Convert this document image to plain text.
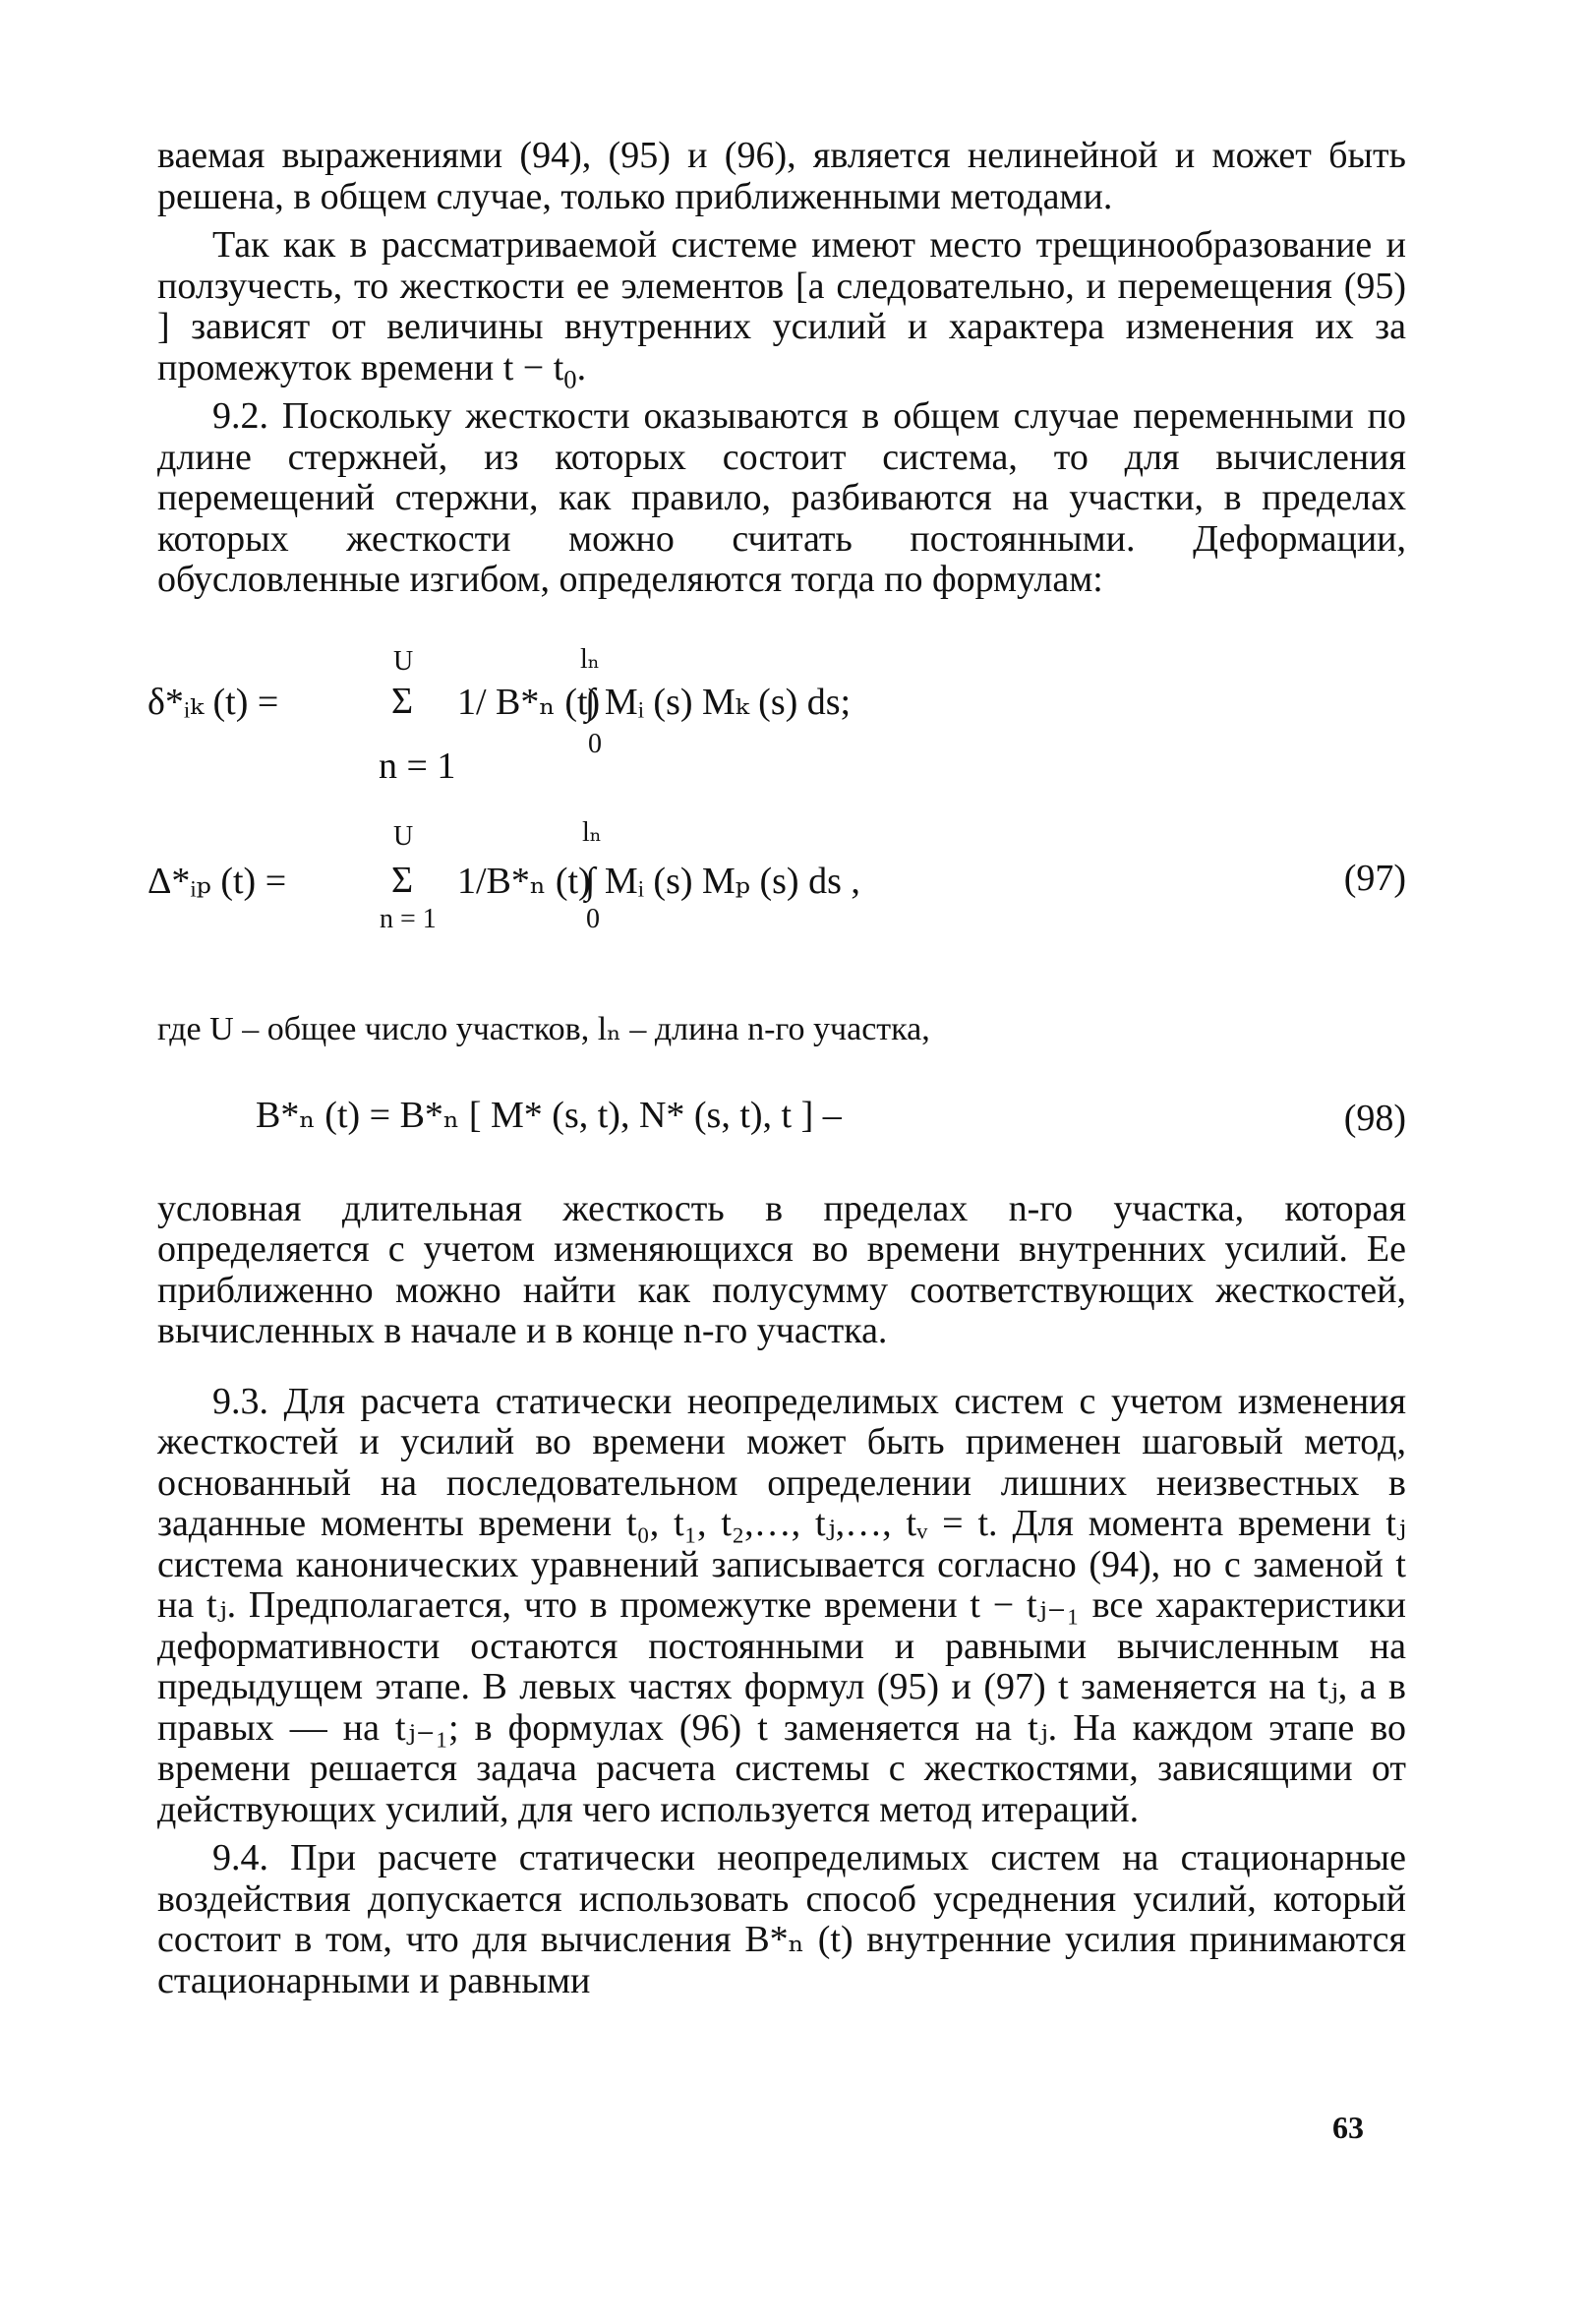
ваемая выражениями (94), (95) и (96), является нелинейной и может быть решена, в общем случае, только приближенными методами.

Так как в рассматриваемой системе имеют место трещинообразование и ползучесть, то жесткости ее элементов [а следовательно, и перемещения (95) ] зависят от величины внутренних усилий и характера изменения их за промежуток времени $t - t_0$.

9.2. Поскольку жесткости оказываются в общем случае переменными по длине стержней, из которых состоит система, то для вычисления перемещений стержни, как правило, разбиваются на участки, в пределах которых жесткости можно считать постоянными. Деформации, обусловленные изгибом, определяются тогда по формулам:

U	lₙ
δ*ᵢₖ (t) =	Σ 1/ B*ₙ (t)
∫ Mᵢ (s) Mₖ (s) ds;
0
n = 1
U	lₙ
Δ*ᵢₚ (t) =	Σ 1/B*ₙ (t)
∫ Mᵢ (s) Mₚ (s) ds ,
0
n = 1
(97)

где U – общее число участков, lₙ – длина n-го участка,

B*ₙ (t) = B*ₙ [ M* (s, t), N* (s, t), t ] –	(98)

условная длительная жесткость в пределах n-го участка, которая определяется с учетом изменяющихся во времени внутренних усилий. Ее приближенно можно найти как полусумму соответствующих жесткостей, вычисленных в начале и в конце n-го участка.

9.3. Для расчета статически неопределимых систем с учетом изменения жесткостей и усилий во времени может быть применен шаговый метод, основанный на последовательном определении лишних неизвестных в заданные моменты времени t₀, t₁, t₂,…, tⱼ,…, tᵥ = t. Для момента времени tⱼ система канонических уравнений записывается согласно (94), но с заменой t на tⱼ. Предполагается, что в промежутке времени t − tⱼ₋₁ все характеристики деформативности остаются постоянными и равными вычисленным на предыдущем этапе. В левых частях формул (95) и (97) t заменяется на tⱼ, а в правых — на tⱼ₋₁; в формулах (96) t заменяется на tⱼ. На каждом этапе во времени решается задача расчета системы с жесткостями, зависящими от действующих усилий, для чего используется метод итераций.

9.4. При расчете статически неопределимых систем на стационарные воздействия допускается использовать способ усреднения усилий, который состоит в том, что для вычисления B*ₙ (t) внутренние усилия принимаются стационарными и равными

63
